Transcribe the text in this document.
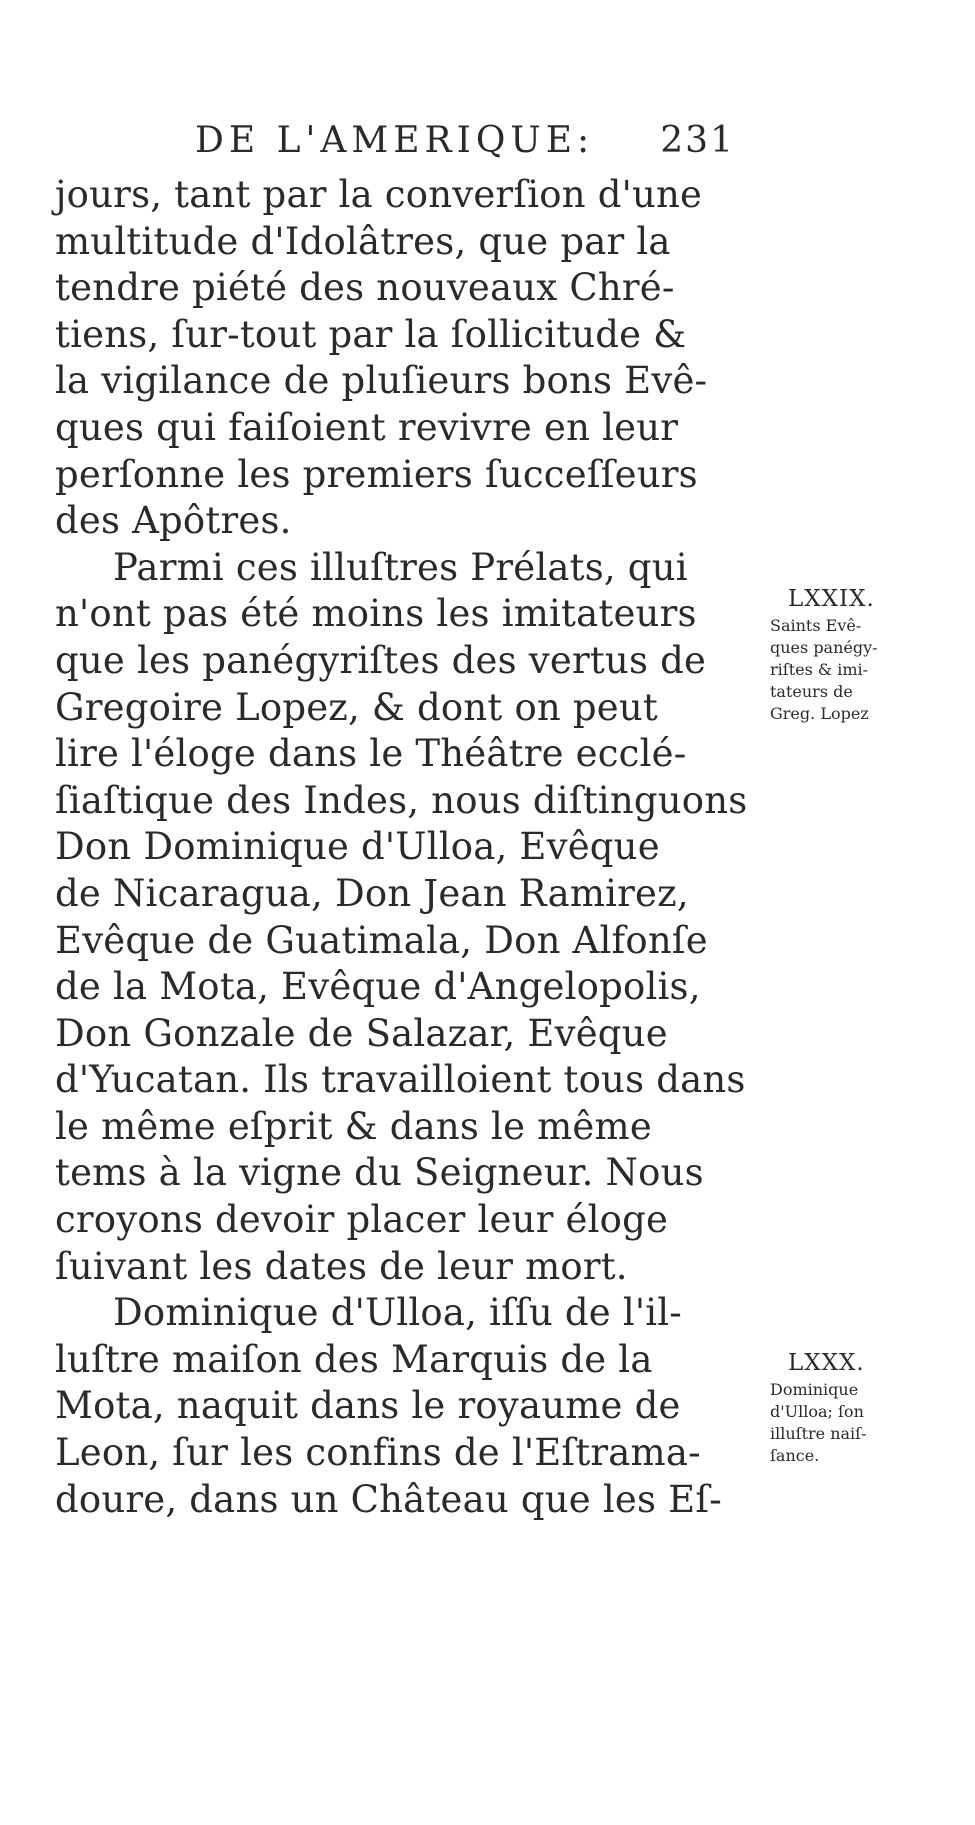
DE L'AMERIQUE: 231
jours, tant par la converſion d'une
multitude d'Idolâtres, que par la
tendre piété des nouveaux Chré-
tiens, ſur-tout par la ſollicitude &
la vigilance de pluſieurs bons Evê-
ques qui faiſoient revivre en leur
perſonne les premiers ſucceſſeurs
des Apôtres.
Parmi ces illuſtres Prélats, qui
n'ont pas été moins les imitateurs
que les panégyriſtes des vertus de
Gregoire Lopez, & dont on peut
lire l'éloge dans le Théâtre ecclé-
ſiaſtique des Indes, nous diſtinguons
Don Dominique d'Ulloa, Evêque
de Nicaragua, Don Jean Ramirez,
Evêque de Guatimala, Don Alfonſe
de la Mota, Evêque d'Angelopolis,
Don Gonzale de Salazar, Evêque
d'Yucatan. Ils travailloient tous dans
le même eſprit & dans le même
tems à la vigne du Seigneur. Nous
croyons devoir placer leur éloge
ſuivant les dates de leur mort.
Dominique d'Ulloa, iſſu de l'il-
luſtre maiſon des Marquis de la
Mota, naquit dans le royaume de
Leon, ſur les confins de l'Eſtrama-
doure, dans un Château que les Eſ-
LXXIX.
Saints Evê-
ques panégy-
riſtes & imi-
tateurs de
Greg. Lopez
LXXX.
Dominique
d'Ulloa; ſon
illuſtre naiſ-
ſance.
